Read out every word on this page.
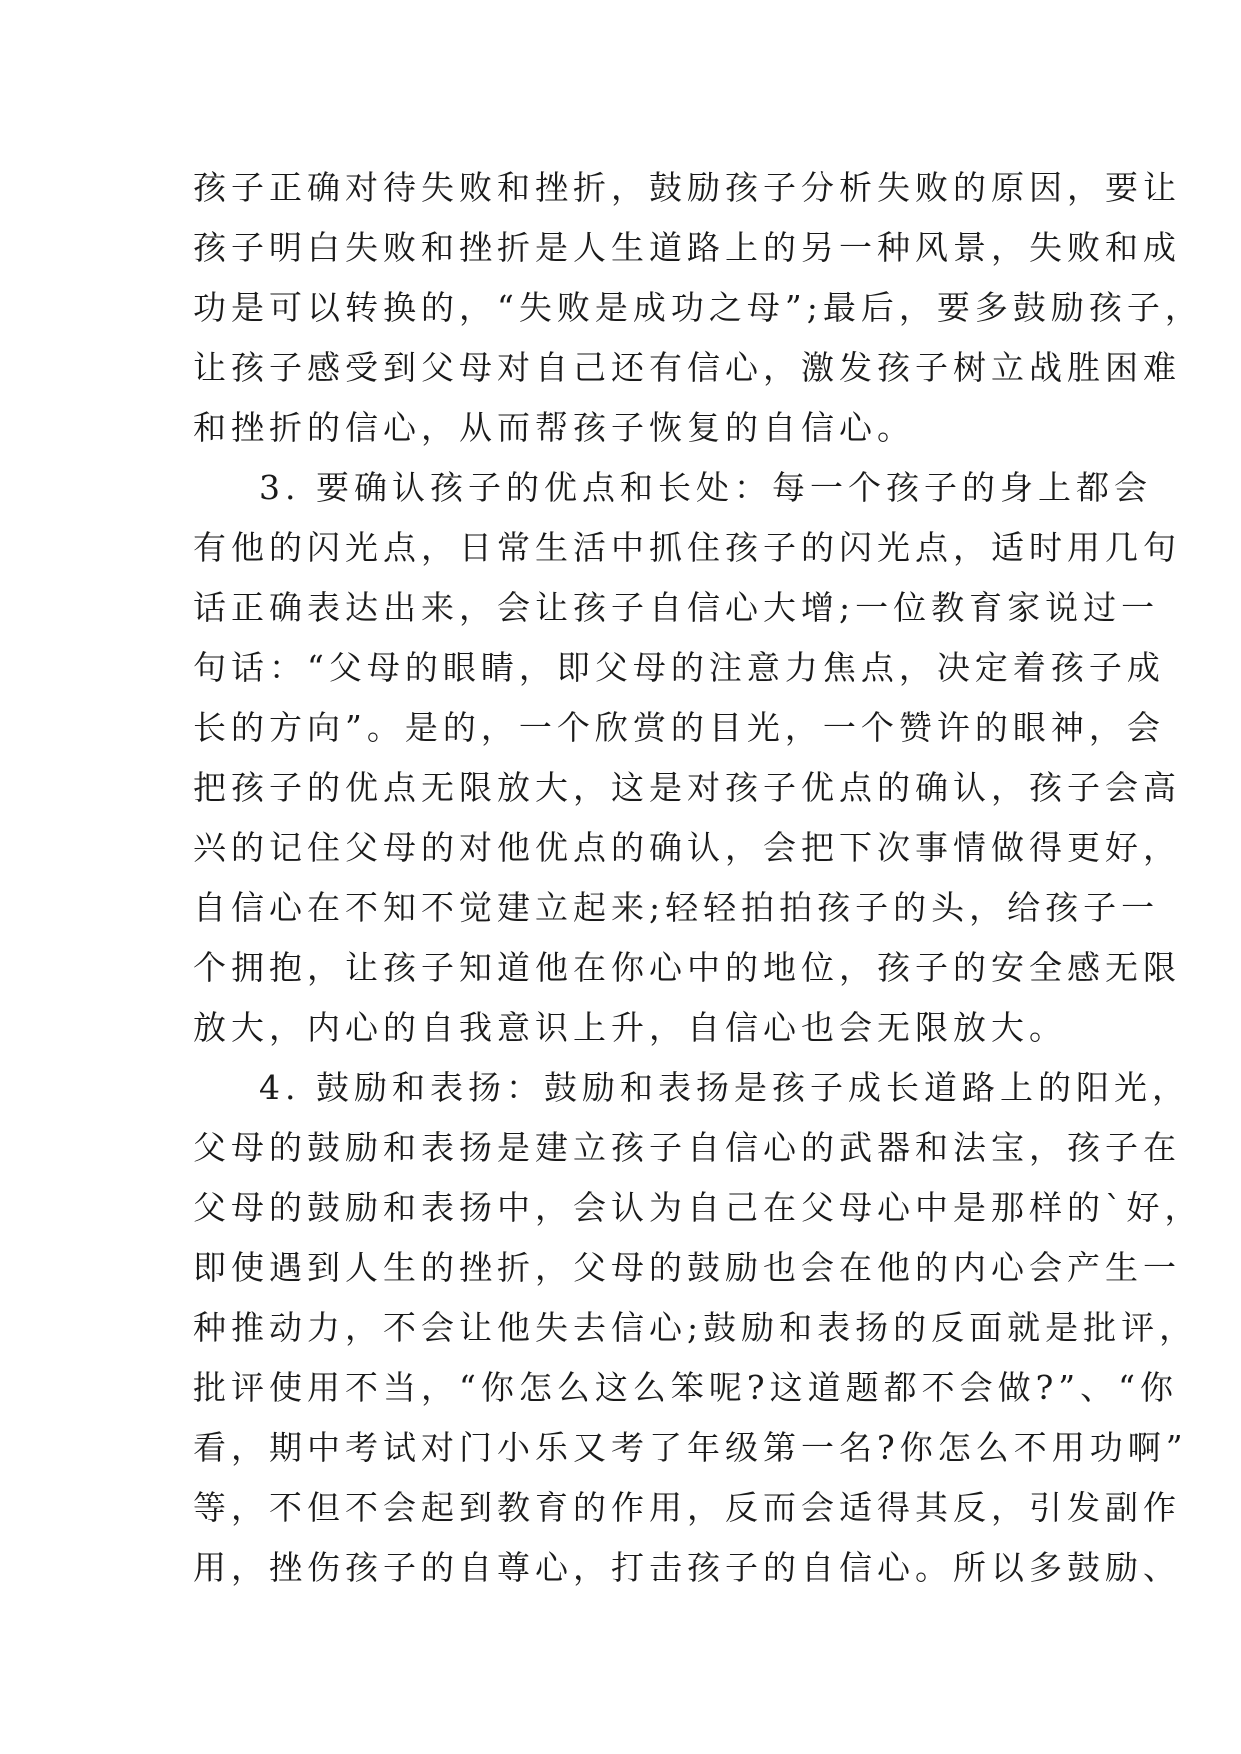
孩子正确对待失败和挫折，鼓励孩子分析失败的原因，要让
孩子明白失败和挫折是人生道路上的另一种风景，失败和成
功是可以转换的，“失败是成功之母”;最后，要多鼓励孩子，
让孩子感受到父母对自己还有信心，激发孩子树立战胜困难
和挫折的信心，从而帮孩子恢复的自信心。
3. 要确认孩子的优点和长处：每一个孩子的身上都会
有他的闪光点，日常生活中抓住孩子的闪光点，适时用几句
话正确表达出来，会让孩子自信心大增;一位教育家说过一
句话：“父母的眼睛，即父母的注意力焦点，决定着孩子成
长的方向”。是的，一个欣赏的目光，一个赞许的眼神，会
把孩子的优点无限放大，这是对孩子优点的确认，孩子会高
兴的记住父母的对他优点的确认，会把下次事情做得更好，
自信心在不知不觉建立起来;轻轻拍拍孩子的头，给孩子一
个拥抱，让孩子知道他在你心中的地位，孩子的安全感无限
放大，内心的自我意识上升，自信心也会无限放大。
4. 鼓励和表扬：鼓励和表扬是孩子成长道路上的阳光，
父母的鼓励和表扬是建立孩子自信心的武器和法宝，孩子在
父母的鼓励和表扬中，会认为自己在父母心中是那样的`好，
即使遇到人生的挫折，父母的鼓励也会在他的内心会产生一
种推动力，不会让他失去信心;鼓励和表扬的反面就是批评，
批评使用不当，“你怎么这么笨呢?这道题都不会做?”、“你
看，期中考试对门小乐又考了年级第一名?你怎么不用功啊”
等，不但不会起到教育的作用，反而会适得其反，引发副作
用，挫伤孩子的自尊心，打击孩子的自信心。所以多鼓励、
